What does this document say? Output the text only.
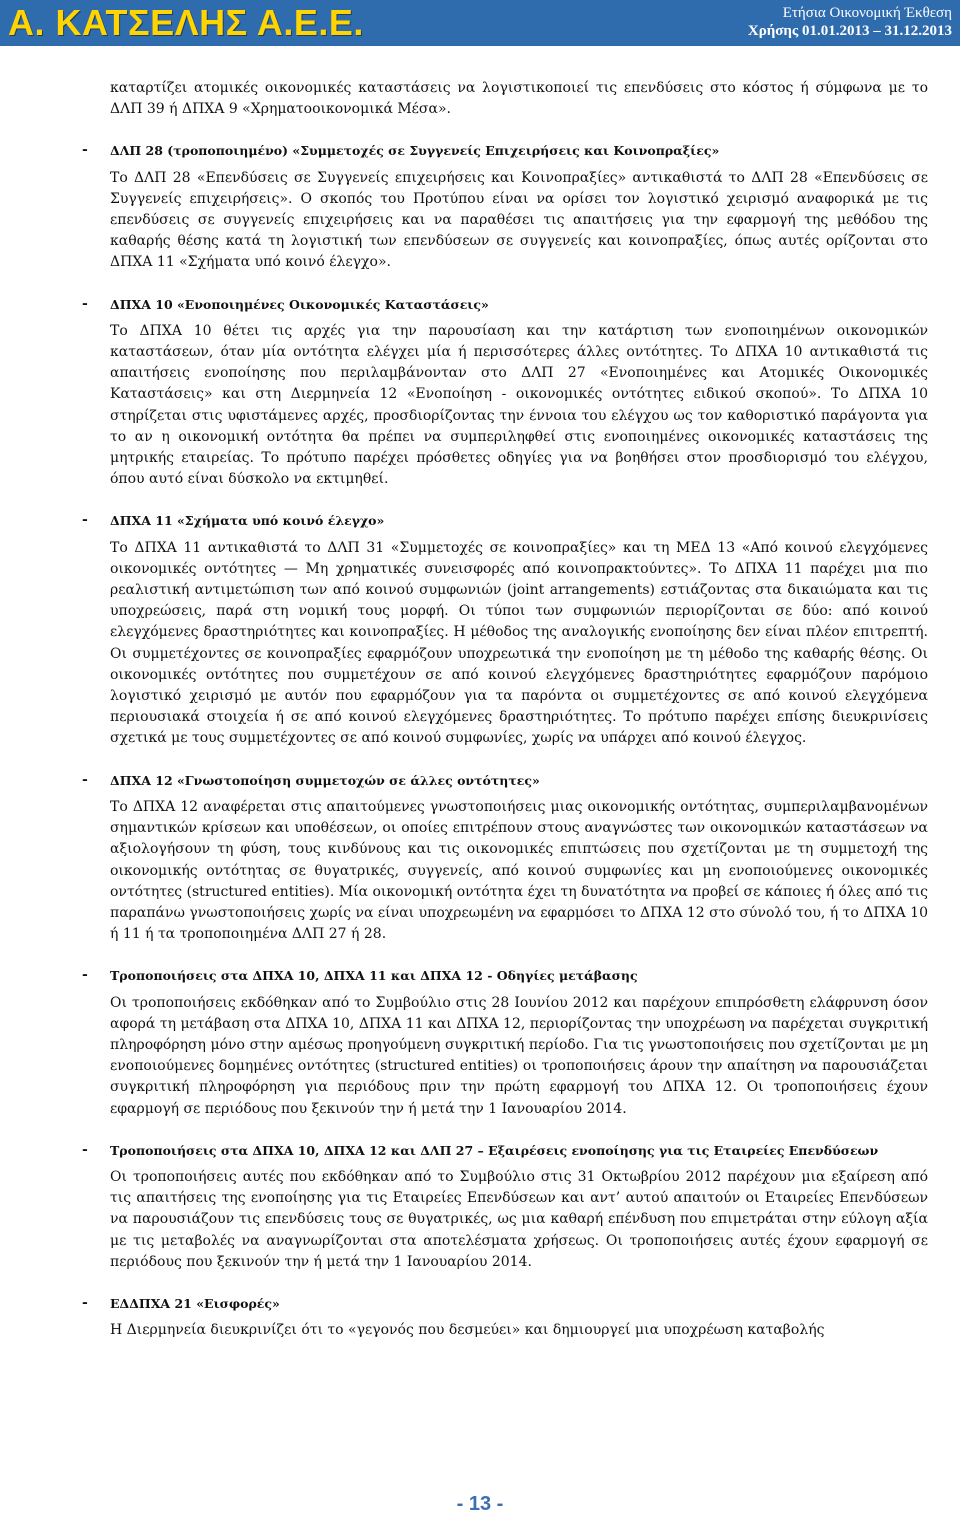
Α. ΚΑΤΣΕΛΗΣ Α.Ε.Ε.	Ετήσια Οικονομική Έκθεση
Χρήσης 01.01.2013 – 31.12.2013

καταρτίζει ατομικές οικονομικές καταστάσεις να λογιστικοποιεί τις επενδύσεις στο κόστος ή σύμφωνα με το ΔΛΠ 39 ή ΔΠΧΑ 9 «Χρηματοοικονομικά Μέσα».

- ΔΛΠ 28 (τροποποιημένο) «Συμμετοχές σε Συγγενείς Επιχειρήσεις και Κοινοπραξίες»

Το ΔΛΠ 28 «Επενδύσεις σε Συγγενείς επιχειρήσεις και Κοινοπραξίες» αντικαθιστά το ΔΛΠ 28 «Επενδύσεις σε Συγγενείς επιχειρήσεις». Ο σκοπός του Προτύπου είναι να ορίσει τον λογιστικό χειρισμό αναφορικά με τις επενδύσεις σε συγγενείς επιχειρήσεις και να παραθέσει τις απαιτήσεις για την εφαρμογή της μεθόδου της καθαρής θέσης κατά τη λογιστική των επενδύσεων σε συγγενείς και κοινοπραξίες, όπως αυτές ορίζονται στο ΔΠΧΑ 11 «Σχήματα υπό κοινό έλεγχο».

- ΔΠΧΑ 10 «Ενοποιημένες Οικονομικές Καταστάσεις»

Το ΔΠΧΑ 10 θέτει τις αρχές για την παρουσίαση και την κατάρτιση των ενοποιημένων οικονομικών καταστάσεων, όταν μία οντότητα ελέγχει μία ή περισσότερες άλλες οντότητες. Το ΔΠΧΑ 10 αντικαθιστά τις απαιτήσεις ενοποίησης που περιλαμβάνονταν στο ΔΛΠ 27 «Ενοποιημένες και Ατομικές Οικονομικές Καταστάσεις» και στη Διερμηνεία 12 «Ενοποίηση - οικονομικές οντότητες ειδικού σκοπού». Το ΔΠΧΑ 10 στηρίζεται στις υφιστάμενες αρχές, προσδιορίζοντας την έννοια του ελέγχου ως τον καθοριστικό παράγοντα για το αν η οικονομική οντότητα θα πρέπει να συμπεριληφθεί στις ενοποιημένες οικονομικές καταστάσεις της μητρικής εταιρείας. Το πρότυπο παρέχει πρόσθετες οδηγίες για να βοηθήσει στον προσδιορισμό του ελέγχου, όπου αυτό είναι δύσκολο να εκτιμηθεί.

- ΔΠΧΑ 11 «Σχήματα υπό κοινό έλεγχο»

Το ΔΠΧΑ 11 αντικαθιστά το ΔΛΠ 31 «Συμμετοχές σε κοινοπραξίες» και τη ΜΕΔ 13 «Από κοινού ελεγχόμενες οικονομικές οντότητες — Μη χρηματικές συνεισφορές από κοινοπρακτούντες». Το ΔΠΧΑ 11 παρέχει μια πιο ρεαλιστική αντιμετώπιση των από κοινού συμφωνιών (joint arrangements) εστιάζοντας στα δικαιώματα και τις υποχρεώσεις, παρά στη νομική τους μορφή. Οι τύποι των συμφωνιών περιορίζονται σε δύο: από κοινού ελεγχόμενες δραστηριότητες και κοινοπραξίες. Η μέθοδος της αναλογικής ενοποίησης δεν είναι πλέον επιτρεπτή. Οι συμμετέχοντες σε κοινοπραξίες εφαρμόζουν υποχρεωτικά την ενοποίηση με τη μέθοδο της καθαρής θέσης. Οι οικονομικές οντότητες που συμμετέχουν σε από κοινού ελεγχόμενες δραστηριότητες εφαρμόζουν παρόμοιο λογιστικό χειρισμό με αυτόν που εφαρμόζουν για τα παρόντα οι συμμετέχοντες σε από κοινού ελεγχόμενα περιουσιακά στοιχεία ή σε από κοινού ελεγχόμενες δραστηριότητες. Το πρότυπο παρέχει επίσης διευκρινίσεις σχετικά με τους συμμετέχοντες σε από κοινού συμφωνίες, χωρίς να υπάρχει από κοινού έλεγχος.

- ΔΠΧΑ 12 «Γνωστοποίηση συμμετοχών σε άλλες οντότητες»

Το ΔΠΧΑ 12 αναφέρεται στις απαιτούμενες γνωστοποιήσεις μιας οικονομικής οντότητας, συμπεριλαμβανομένων σημαντικών κρίσεων και υποθέσεων, οι οποίες επιτρέπουν στους αναγνώστες των οικονομικών καταστάσεων να αξιολογήσουν τη φύση, τους κινδύνους και τις οικονομικές επιπτώσεις που σχετίζονται με τη συμμετοχή της οικονομικής οντότητας σε θυγατρικές, συγγενείς, από κοινού συμφωνίες και μη ενοποιούμενες οικονομικές οντότητες (structured entities). Μία οικονομική οντότητα έχει τη δυνατότητα να προβεί σε κάποιες ή όλες από τις παραπάνω γνωστοποιήσεις χωρίς να είναι υποχρεωμένη να εφαρμόσει το ΔΠΧΑ 12 στο σύνολό του, ή το ΔΠΧΑ 10 ή 11 ή τα τροποποιημένα ΔΛΠ 27 ή 28.

- Τροποποιήσεις στα ΔΠΧΑ 10, ΔΠΧΑ 11 και ΔΠΧΑ 12 - Οδηγίες μετάβασης

Οι τροποποιήσεις εκδόθηκαν από το Συμβούλιο στις 28 Ιουνίου 2012 και παρέχουν επιπρόσθετη ελάφρυνση όσον αφορά τη μετάβαση στα ΔΠΧΑ 10, ΔΠΧΑ 11 και ΔΠΧΑ 12, περιορίζοντας την υποχρέωση να παρέχεται συγκριτική πληροφόρηση μόνο στην αμέσως προηγούμενη συγκριτική περίοδο. Για τις γνωστοποιήσεις που σχετίζονται με μη ενοποιούμενες δομημένες οντότητες (structured entities) οι τροποποιήσεις άρουν την απαίτηση να παρουσιάζεται συγκριτική πληροφόρηση για περιόδους πριν την πρώτη εφαρμογή του ΔΠΧΑ 12. Οι τροποποιήσεις έχουν εφαρμογή σε περιόδους που ξεκινούν την ή μετά την 1 Ιανουαρίου 2014.

- Τροποποιήσεις στα ΔΠΧΑ 10, ΔΠΧΑ 12 και ΔΛΠ 27 – Εξαιρέσεις ενοποίησης για τις Εταιρείες Επενδύσεων

Οι τροποποιήσεις αυτές που εκδόθηκαν από το Συμβούλιο στις 31 Οκτωβρίου 2012 παρέχουν μια εξαίρεση από τις απαιτήσεις της ενοποίησης για τις Εταιρείες Επενδύσεων και αντ’ αυτού απαιτούν οι Εταιρείες Επενδύσεων να παρουσιάζουν τις επενδύσεις τους σε θυγατρικές, ως μια καθαρή επένδυση που επιμετράται στην εύλογη αξία με τις μεταβολές να αναγνωρίζονται στα αποτελέσματα χρήσεως. Οι τροποποιήσεις αυτές έχουν εφαρμογή σε περιόδους που ξεκινούν την ή μετά την 1 Ιανουαρίου 2014.

- ΕΔΔΠΧΑ 21 «Εισφορές»

Η Διερμηνεία διευκρινίζει ότι το «γεγονός που δεσμεύει» και δημιουργεί μια υποχρέωση καταβολής

- 13 -
